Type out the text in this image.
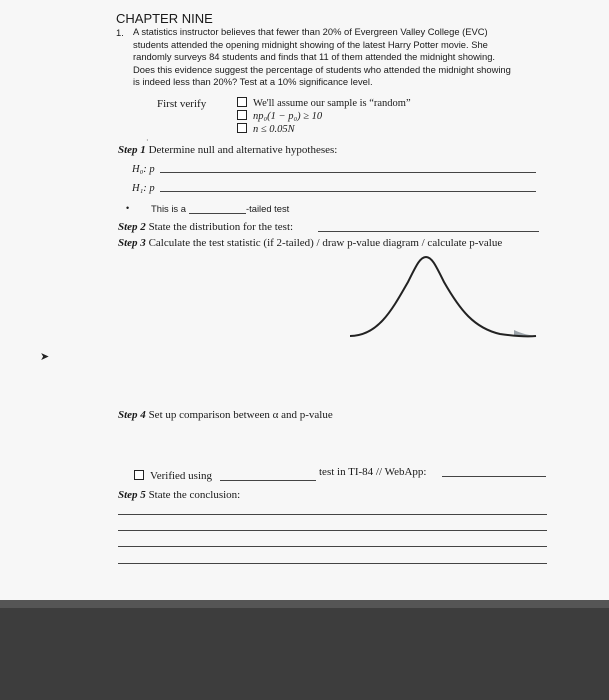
CHAPTER NINE
1. A statistics instructor believes that fewer than 20% of Evergreen Valley College (EVC)
students attended the opening midnight showing of the latest Harry Potter movie. She
randomly surveys 84 students and finds that 11 of them attended the midnight showing.
Does this evidence suggest the percentage of students who attended the midnight showing
is indeed less than 20%? Test at a 10% significance level.
First verify	We'll assume our sample is “random”
np₀(1 − p₀) ≥ 10
n ≤ 0.05N
·
Step 1 Determine null and alternative hypotheses:
H₀: p
H₁: p
• This is a	-tailed test
Step 2 State the distribution for the test:
Step 3 Calculate the test statistic (if 2-tailed) / draw p-value diagram / calculate p-value
➤
Step 4 Set up comparison between α and p-value
Verified using	test in TI-84 // WebApp:
Step 5 State the conclusion:
